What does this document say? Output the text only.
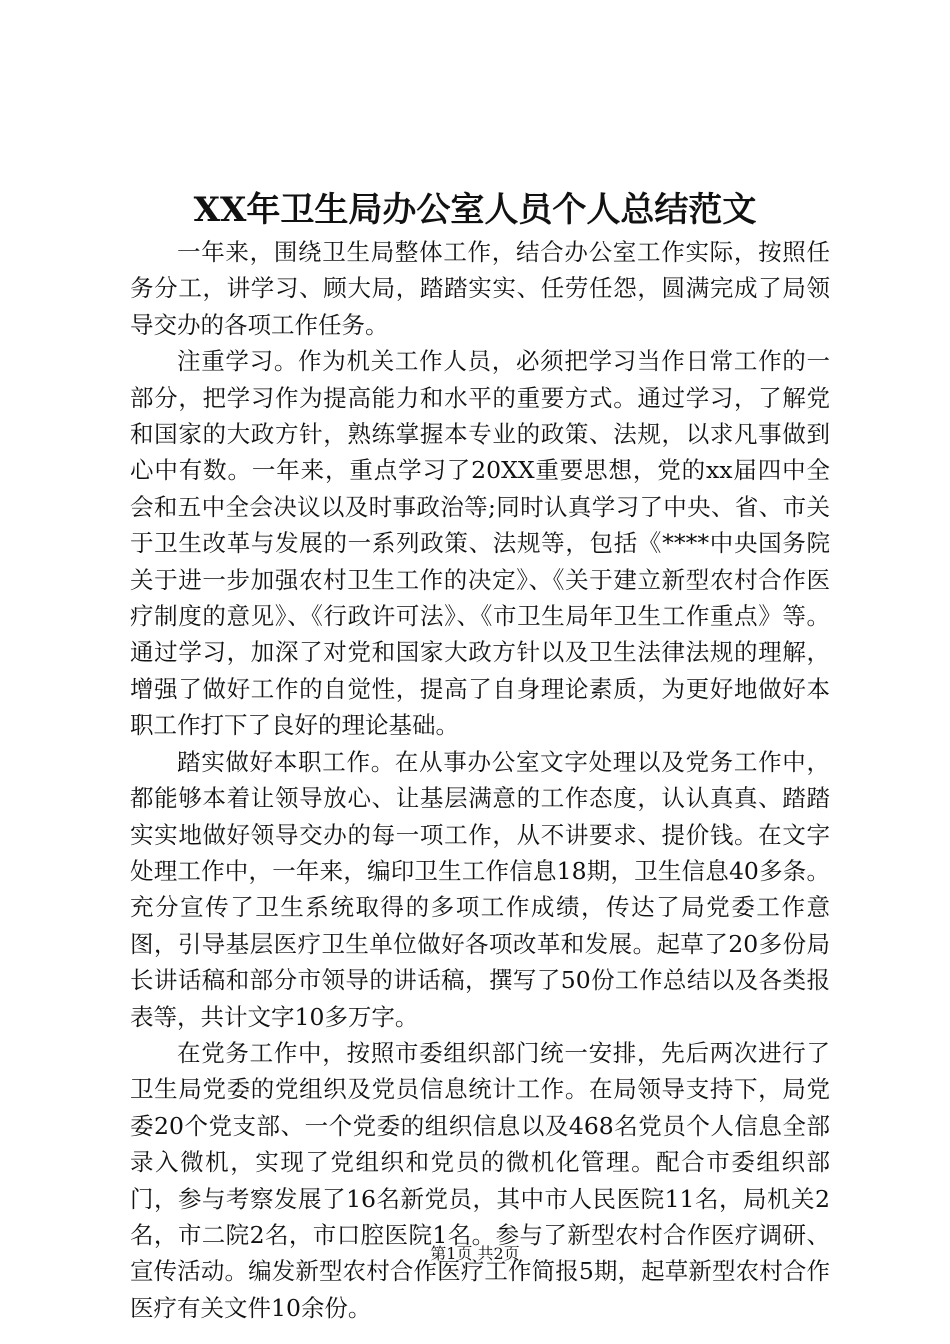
XX年卫生局办公室人员个人总结范文

一年来，围绕卫生局整体工作，结合办公室工作实际，按照任务分工，讲学习、顾大局，踏踏实实、任劳任怨，圆满完成了局领导交办的各项工作任务。

注重学习。作为机关工作人员，必须把学习当作日常工作的一部分，把学习作为提高能力和水平的重要方式。通过学习，了解党和国家的大政方针，熟练掌握本专业的政策、法规，以求凡事做到心中有数。一年来，重点学习了20XX重要思想，党的xx届四中全会和五中全会决议以及时事政治等;同时认真学习了中央、省、市关于卫生改革与发展的一系列政策、法规等，包括《****中央国务院关于进一步加强农村卫生工作的决定》、《关于建立新型农村合作医疗制度的意见》、《行政许可法》、《市卫生局年卫生工作重点》等。通过学习，加深了对党和国家大政方针以及卫生法律法规的理解，增强了做好工作的自觉性，提高了自身理论素质，为更好地做好本职工作打下了良好的理论基础。

踏实做好本职工作。在从事办公室文字处理以及党务工作中，都能够本着让领导放心、让基层满意的工作态度，认认真真、踏踏实实地做好领导交办的每一项工作，从不讲要求、提价钱。在文字处理工作中，一年来，编印卫生工作信息18期，卫生信息40多条。充分宣传了卫生系统取得的多项工作成绩，传达了局党委工作意图，引导基层医疗卫生单位做好各项改革和发展。起草了20多份局长讲话稿和部分市领导的讲话稿，撰写了50份工作总结以及各类报表等，共计文字10多万字。

在党务工作中，按照市委组织部门统一安排，先后两次进行了卫生局党委的党组织及党员信息统计工作。在局领导支持下，局党委20个党支部、一个党委的组织信息以及468名党员个人信息全部录入微机，实现了党组织和党员的微机化管理。配合市委组织部门，参与考察发展了16名新党员，其中市人民医院11名，局机关2名，市二院2名，市口腔医院1名。参与了新型农村合作医疗调研、宣传活动。编发新型农村合作医疗工作简报5期，起草新型农村合作医疗有关文件10余份。

第1页 共2页
